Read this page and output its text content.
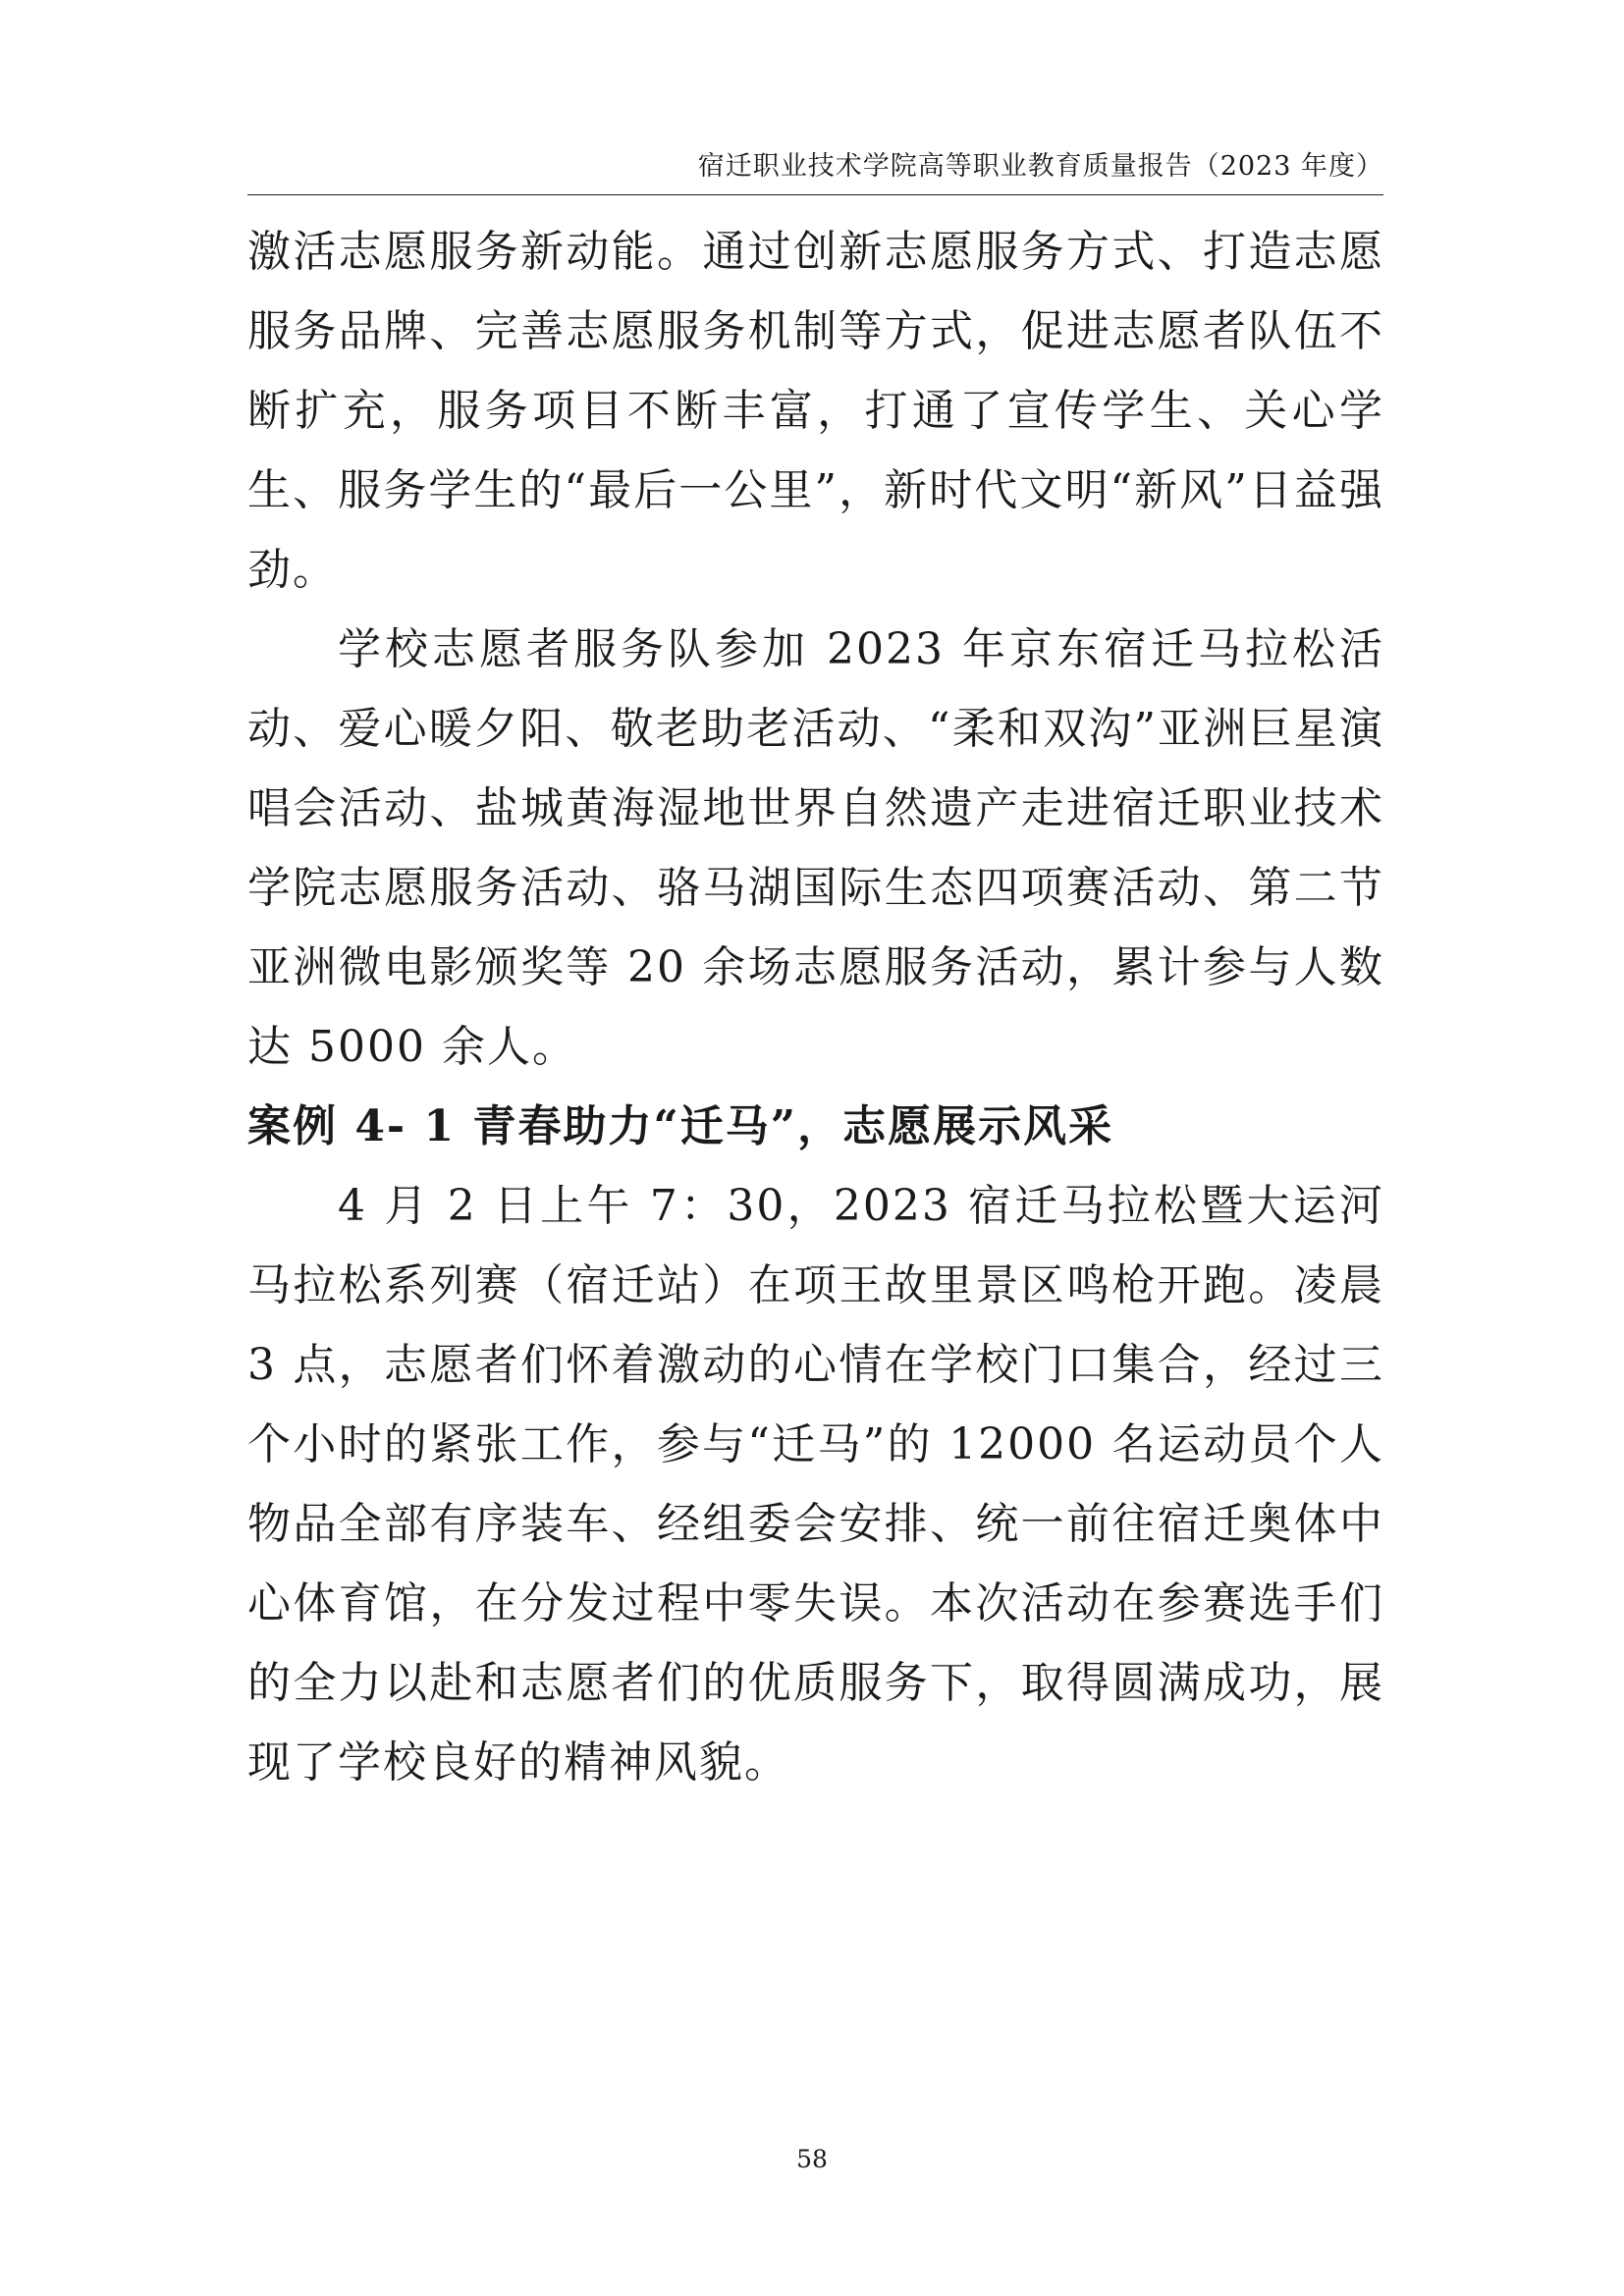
宿迁职业技术学院高等职业教育质量报告（2023 年度）

激活志愿服务新动能。通过创新志愿服务方式、打造志愿服务品牌、完善志愿服务机制等方式，促进志愿者队伍不断扩充，服务项目不断丰富，打通了宣传学生、关心学生、服务学生的“最后一公里”，新时代文明“新风”日益强劲。

学校志愿者服务队参加 2023 年京东宿迁马拉松活动、爱心暖夕阳、敬老助老活动、“柔和双沟”亚洲巨星演唱会活动、盐城黄海湿地世界自然遗产走进宿迁职业技术学院志愿服务活动、骆马湖国际生态四项赛活动、第二节亚洲微电影颁奖等 20 余场志愿服务活动，累计参与人数达 5000 余人。

案例 4- 1 青春助力“迁马”，志愿展示风采

4 月 2 日上午 7：30，2023 宿迁马拉松暨大运河马拉松系列赛（宿迁站）在项王故里景区鸣枪开跑。凌晨 3 点，志愿者们怀着激动的心情在学校门口集合，经过三个小时的紧张工作，参与“迁马”的 12000 名运动员个人物品全部有序装车、经组委会安排、统一前往宿迁奥体中心体育馆，在分发过程中零失误。本次活动在参赛选手们的全力以赴和志愿者们的优质服务下，取得圆满成功，展现了学校良好的精神风貌。

58
